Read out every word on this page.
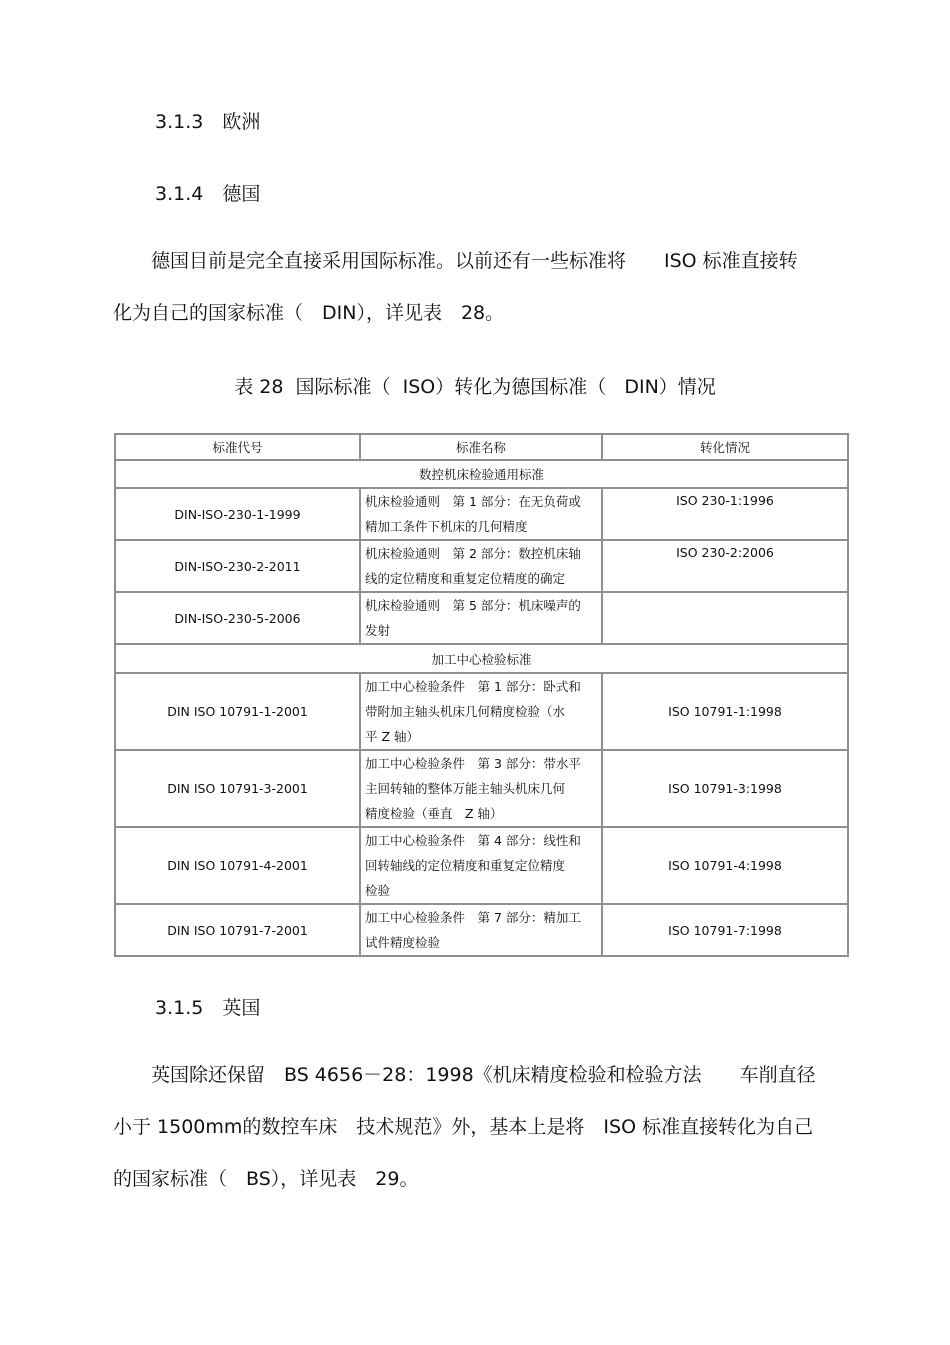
3.1.3　欧洲
3.1.4　德国
　　德国目前是完全直接采用国际标准。以前还有一些标准将　　ISO 标准直接转
化为自己的国家标准（　DIN），详见表　28。
表 28  国际标准（  ISO）转化为德国标准（   DIN）情况
标准代号	标准名称	转化情况
数控机床检验通用标准		
DIN-ISO-230-1-1999	机床检验通则　第 1 部分：在无负荷或
精加工条件下机床的几何精度	ISO 230-1:1996
DIN-ISO-230-2-2011	机床检验通则　第 2 部分：数控机床轴
线的定位精度和重复定位精度的确定	ISO 230-2:2006
DIN-ISO-230-5-2006	机床检验通则　第 5 部分：机床噪声的
发射	

加工中心检验标准		
DIN ISO 10791-1-2001	加工中心检验条件　第 1 部分：卧式和
带附加主轴头机床几何精度检验（水
平 Z 轴）	ISO 10791-1:1998
DIN ISO 10791-3-2001	加工中心检验条件　第 3 部分：带水平
主回转轴的整体万能主轴头机床几何
精度检验（垂直　Z 轴）	ISO 10791-3:1998
DIN ISO 10791-4-2001	加工中心检验条件　第 4 部分：线性和
回转轴线的定位精度和重复定位精度
检验	ISO 10791-4:1998
DIN ISO 10791-7-2001	加工中心检验条件　第 7 部分：精加工
试件精度检验	ISO 10791-7:1998
3.1.5　英国
　　英国除还保留　BS 4656－28：1998《机床精度检验和检验方法　　车削直径
小于 1500mm的数控车床　技术规范》外，基本上是将　ISO 标准直接转化为自己
的国家标准（　BS），详见表　29。
